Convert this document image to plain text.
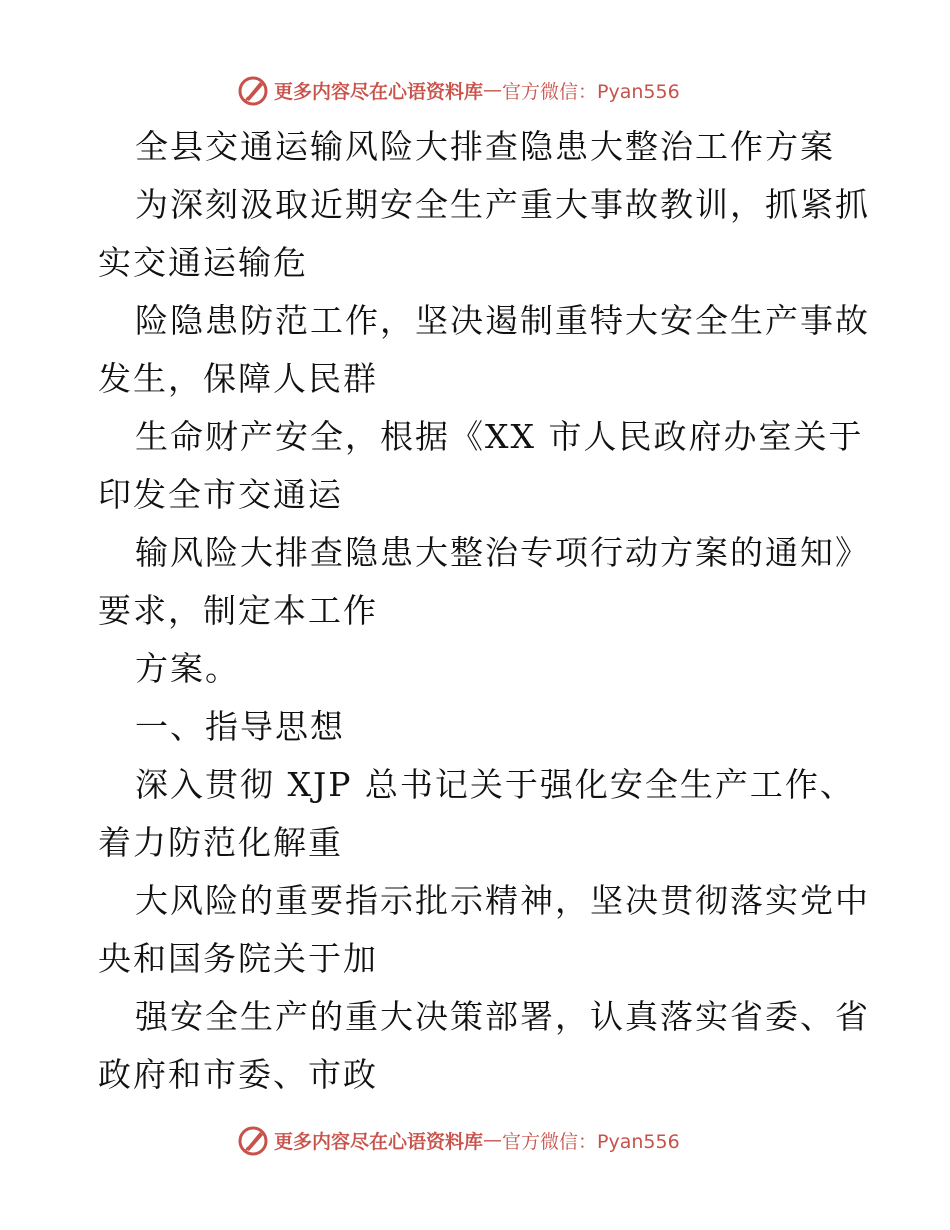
更多内容尽在心语资料库 — 官方微信：Pyan556
全县交通运输风险大排查隐患大整治工作方案
为深刻汲取近期安全生产重大事故教训，抓紧抓
实交通运输危
险隐患防范工作，坚决遏制重特大安全生产事故
发生，保障人民群
生命财产安全，根据《XX 市人民政府办室关于
印发全市交通运
输风险大排查隐患大整治专项行动方案的通知》
要求，制定本工作
方案。
一、指导思想
深入贯彻 XJP 总书记关于强化安全生产工作、
着力防范化解重
大风险的重要指示批示精神，坚决贯彻落实党中
央和国务院关于加
强安全生产的重大决策部署，认真落实省委、省
政府和市委、市政
更多内容尽在心语资料库 — 官方微信：Pyan556
